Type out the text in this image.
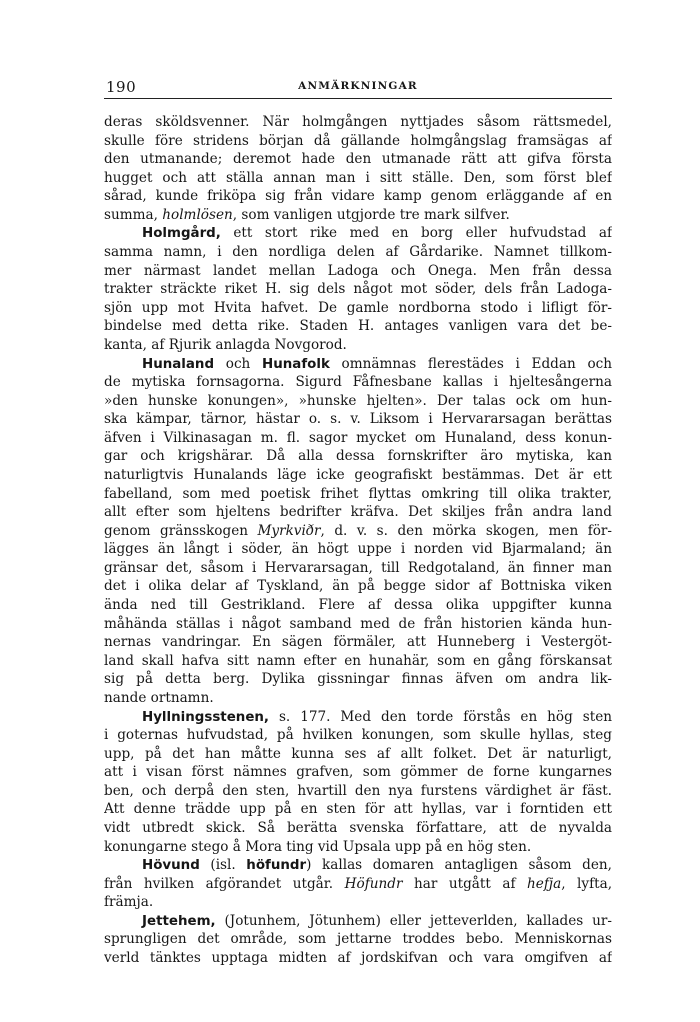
190	ANMÄRKNINGAR
deras sköldsvenner. När holmgången nyttjades såsom rättsmedel,
skulle före stridens början då gällande holmgångslag framsägas af
den utmanande; deremot hade den utmanade rätt att gifva första
hugget och att ställa annan man i sitt ställe. Den, som först blef
sårad, kunde friköpa sig från vidare kamp genom erläggande af en
summa, holmlösen, som vanligen utgjorde tre mark silfver.
Holmgård, ett stort rike med en borg eller hufvudstad af
samma namn, i den nordliga delen af Gårdarike. Namnet tillkom-
mer närmast landet mellan Ladoga och Onega. Men från dessa
trakter sträckte riket H. sig dels något mot söder, dels från Ladoga-
sjön upp mot Hvita hafvet. De gamle nordborna stodo i lifligt för-
bindelse med detta rike. Staden H. antages vanligen vara det be-
kanta, af Rjurik anlagda Novgorod.
Hunaland och Hunafolk omnämnas flerestädes i Eddan och
de mytiska fornsagorna. Sigurd Fåfnesbane kallas i hjeltesångerna
»den hunske konungen», »hunske hjelten». Der talas ock om hun-
ska kämpar, tärnor, hästar o. s. v. Liksom i Hervararsagan berättas
äfven i Vilkinasagan m. fl. sagor mycket om Hunaland, dess konun-
gar och krigshärar. Då alla dessa fornskrifter äro mytiska, kan
naturligtvis Hunalands läge icke geografiskt bestämmas. Det är ett
fabelland, som med poetisk frihet flyttas omkring till olika trakter,
allt efter som hjeltens bedrifter kräfva. Det skiljes från andra land
genom gränsskogen Myrkviðr, d. v. s. den mörka skogen, men för-
lägges än långt i söder, än högt uppe i norden vid Bjarmaland; än
gränsar det, såsom i Hervararsagan, till Redgotaland, än finner man
det i olika delar af Tyskland, än på begge sidor af Bottniska viken
ända ned till Gestrikland. Flere af dessa olika uppgifter kunna
måhända ställas i något samband med de från historien kända hun-
nernas vandringar. En sägen förmäler, att Hunneberg i Vestergöt-
land skall hafva sitt namn efter en hunahär, som en gång förskansat
sig på detta berg. Dylika gissningar finnas äfven om andra lik-
nande ortnamn.
Hyllningsstenen, s. 177. Med den torde förstås en hög sten
i goternas hufvudstad, på hvilken konungen, som skulle hyllas, steg
upp, på det han måtte kunna ses af allt folket. Det är naturligt,
att i visan först nämnes grafven, som gömmer de forne kungarnes
ben, och derpå den sten, hvartill den nya furstens värdighet är fäst.
Att denne trädde upp på en sten för att hyllas, var i forntiden ett
vidt utbredt skick. Så berätta svenska författare, att de nyvalda
konungarne stego å Mora ting vid Upsala upp på en hög sten.
Hövund (isl. höfundr) kallas domaren antagligen såsom den,
från hvilken afgörandet utgår. Höfundr har utgått af hefja, lyfta,
främja.
Jettehem, (Jotunhem, Jötunhem) eller jetteverlden, kallades ur-
sprungligen det område, som jettarne troddes bebo. Menniskornas
verld tänktes upptaga midten af jordskifvan och vara omgifven af
